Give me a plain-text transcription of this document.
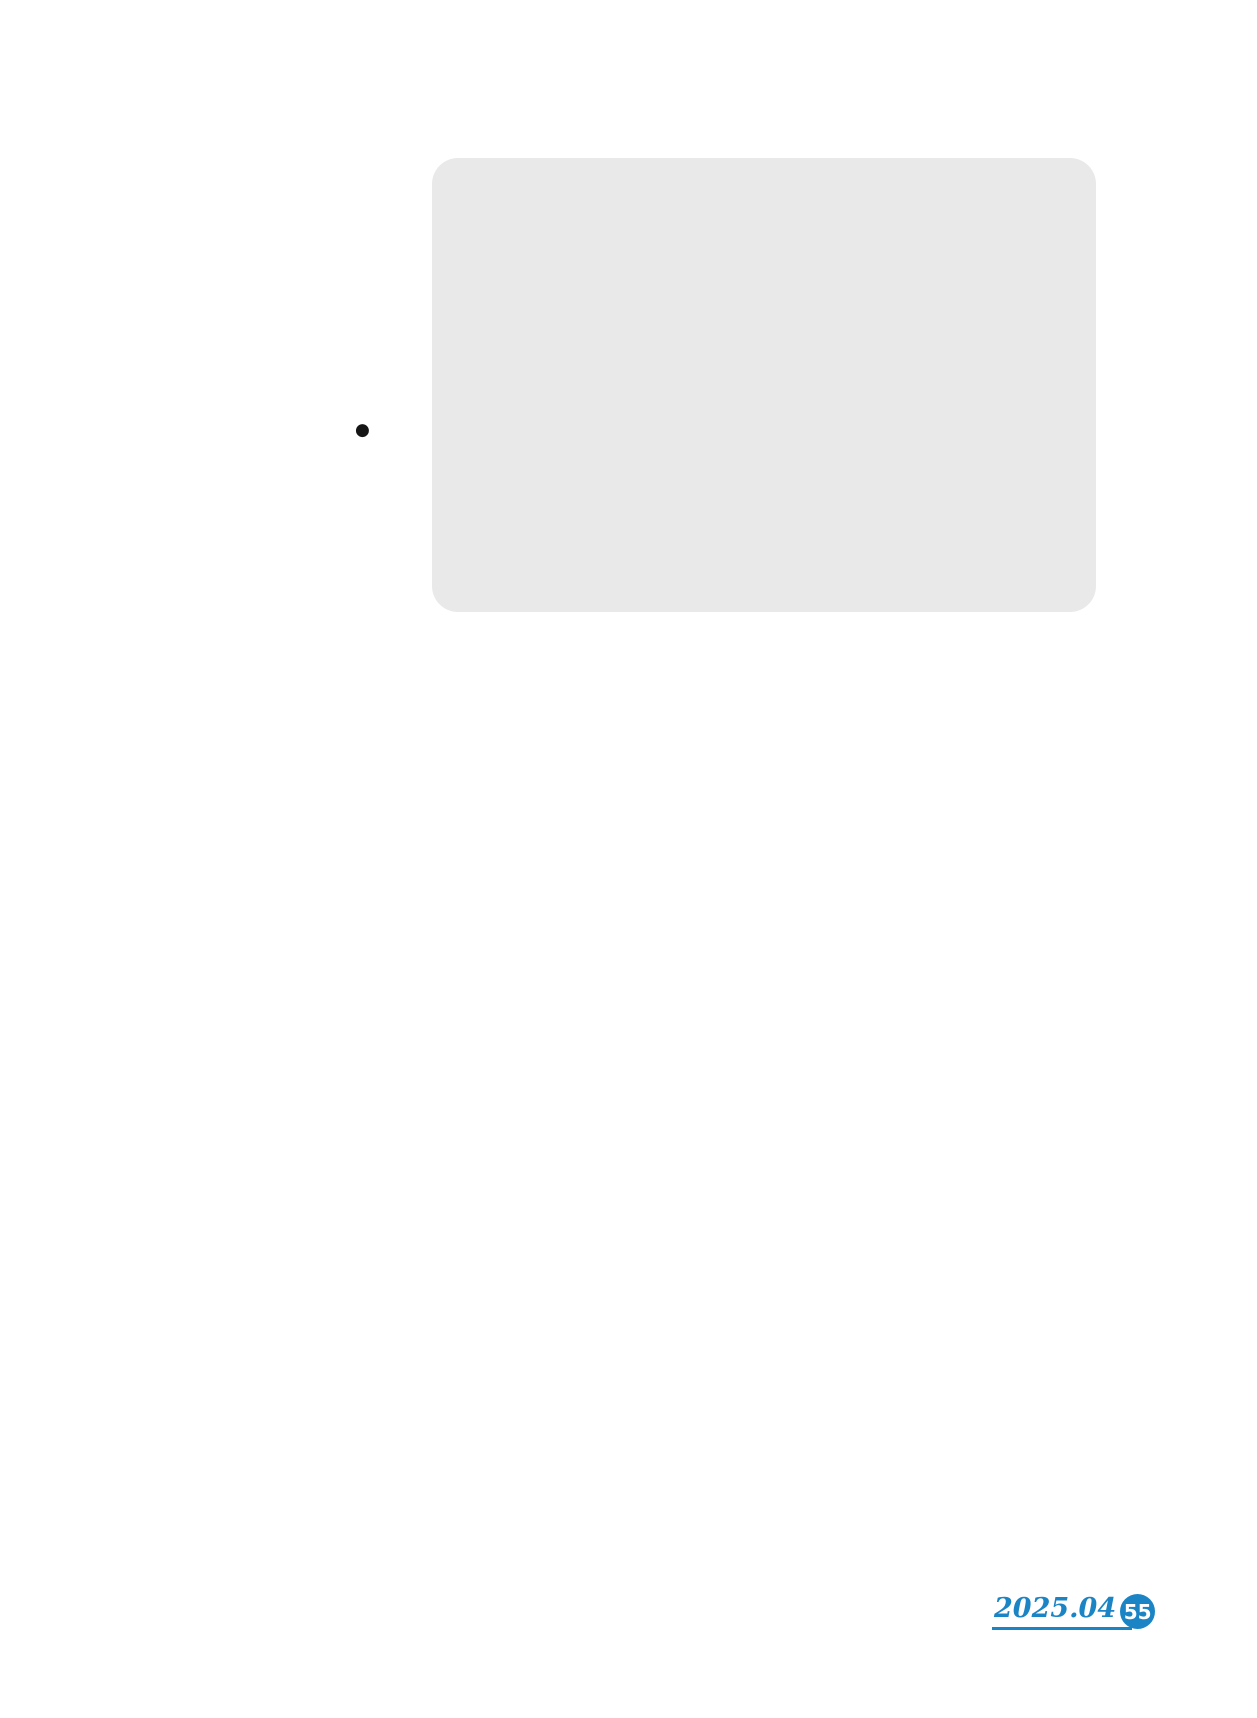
●
2025.04 55
